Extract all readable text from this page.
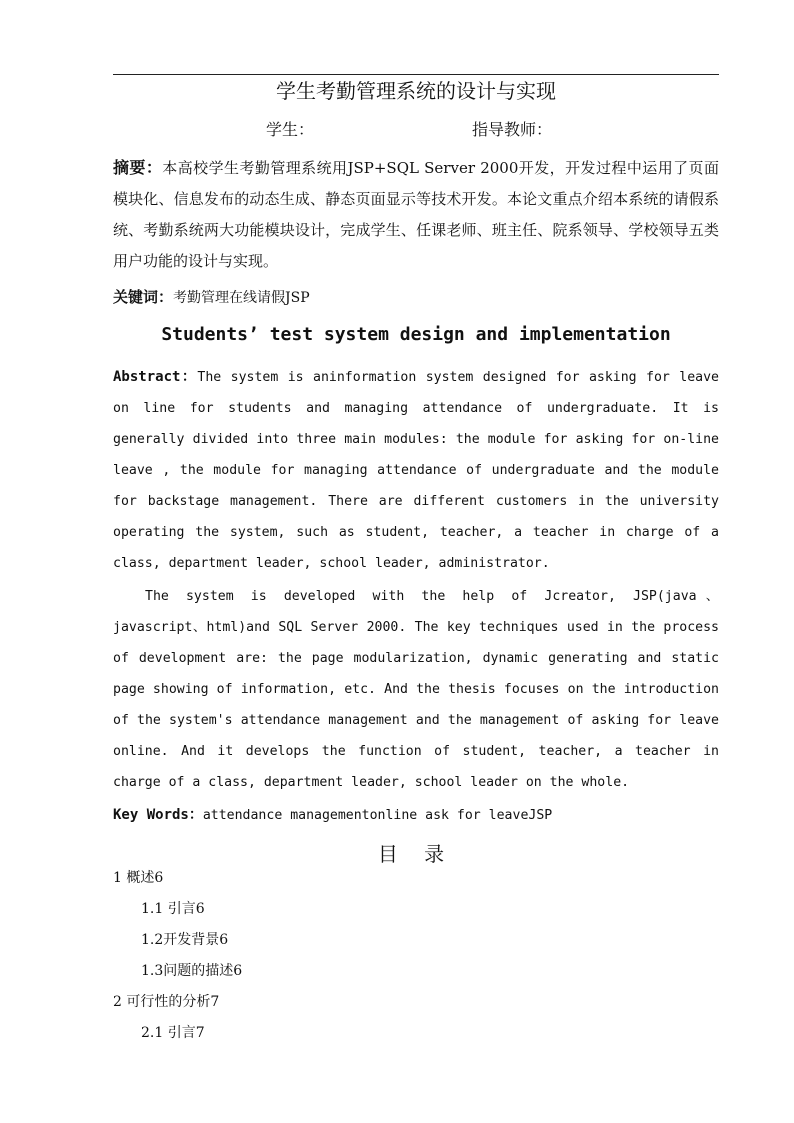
学生考勤管理系统的设计与实现
学生：	指导教师：
摘要：本高校学生考勤管理系统用JSP+SQL Server 2000开发，开发过程中运用了页面模块化、信息发布的动态生成、静态页面显示等技术开发。本论文重点介绍本系统的请假系统、考勤系统两大功能模块设计，完成学生、任课老师、班主任、院系领导、学校领导五类用户功能的设计与实现。
关键词：考勤管理在线请假JSP
Students’ test system design and implementation
Abstract：The system is aninformation system designed for asking for leave on line for students and managing attendance of undergraduate. It is generally divided into three main modules: the module for asking for on-line leave , the module for managing attendance of undergraduate and the module for backstage management. There are different customers in the university operating the system, such as student, teacher, a teacher in charge of a class, department leader, school leader, administrator.
The system is developed with the help of Jcreator, JSP(java、javascript、html)and SQL Server 2000. The key techniques used in the process of development are: the page modularization, dynamic generating and static page showing of information, etc. And the thesis focuses on the introduction of the system's attendance management and the management of asking for leave online. And it develops the function of student, teacher, a teacher in charge of a class, department leader, school leader on the whole.
Key Words：attendance managementonline ask for leaveJSP
目 录
1 概述6
1.1 引言6
1.2开发背景6
1.3问题的描述6
2 可行性的分析7
2.1 引言7
